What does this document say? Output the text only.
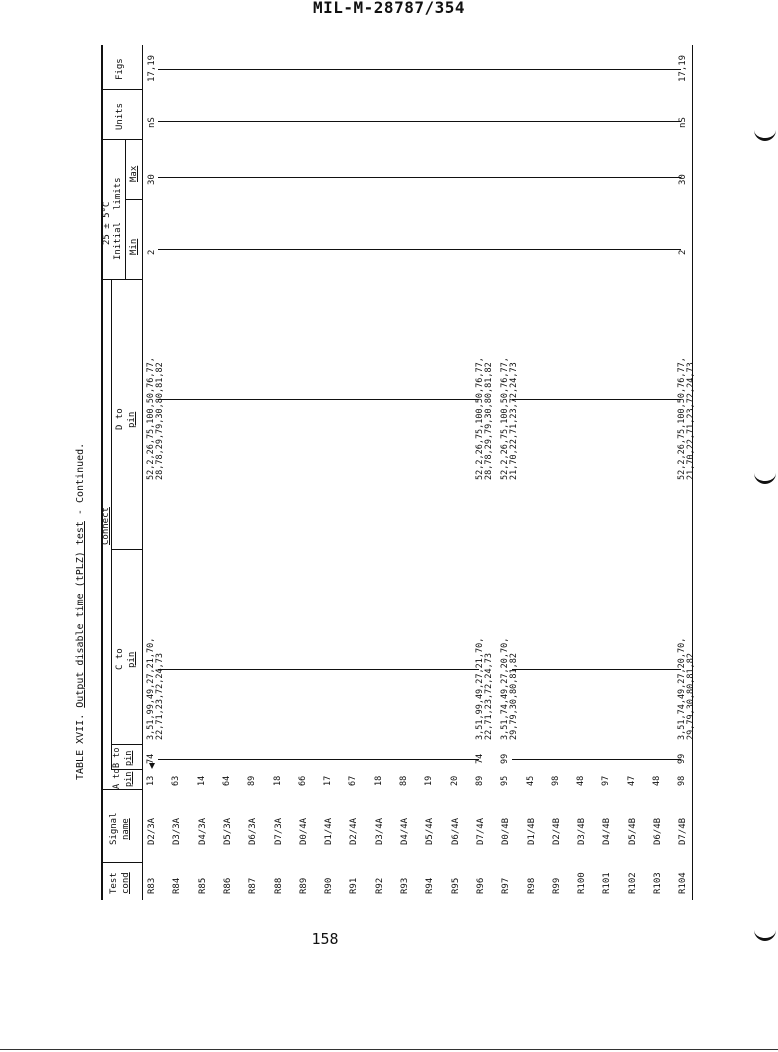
MIL-M-28787/354
158
TABLE XVII. Output disable time (tPLZ) test - Continued.
Test cond
Signal name
A to pin
B to pin
Connect
C to pin
D to pin
25 ± 5°C Initial
limits
Min
Max
Units
Figs
R83
D2/3A
13
74
3,51,99,49,27,21,70,
52,2,26,75,100,50,76,77,
2
30
nS
17,19
22,71,23,72,24,73
28,78,29,79,30,80,81,82
R84
D3/3A
63
R85
D4/3A
14
R86
D5/3A
64
R87
D6/3A
89
R88
D7/3A
18
R89
D0/4A
66
R90
D1/4A
17
R91
D2/4A
67
R92
D3/4A
18
R93
D4/4A
88
R94
D5/4A
19
R95
D6/4A
20
R96
D7/4A
89
74
3,51,99,49,27,21,70,
52,2,26,75,100,50,76,77,
22,71,23,72,24,73
28,78,29,79,30,80,81,82
R97
D0/4B
95
99
3,51,74,49,27,20,70,
52,2,26,75,100,50,76,77,
29,79,30,80,81,82
21,70,22,71,23,72,24,73
R98
D1/4B
45
R99
D2/4B
98
R100
D3/4B
48
R101
D4/4B
97
R102
D5/4B
47
R103
D6/4B
48
R104
D7/4B
98
99
3,51,74,49,27,20,70,
52,2,26,75,100,50,76,77,
2
30
nS
17,19
29,79,30,80,81,82
21,70,22,71,23,72,24,73
